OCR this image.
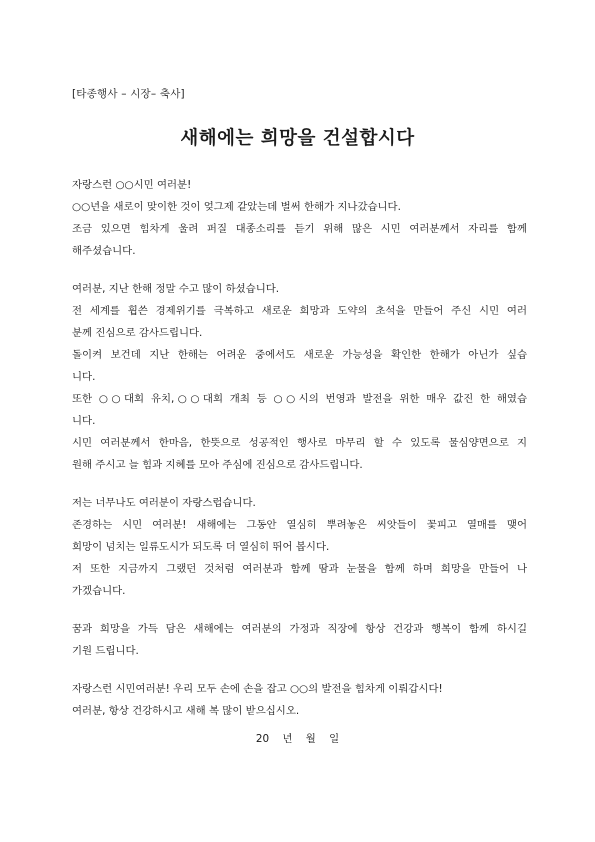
[타종행사 – 시장– 축사]
새해에는 희망을 건설합시다
자랑스런 ○○시민 여러분!
○○년을 새로이 맞이한 것이 엊그제 같았는데 벌써 한해가 지나갔습니다.
조금 있으면 힘차게 울려 퍼질 대종소리를 듣기 위해 많은 시민 여러분께서 자리를 함께
해주셨습니다.
여러분, 지난 한해 정말 수고 많이 하셨습니다.
전 세계를 휩쓴 경제위기를 극복하고 새로운 희망과 도약의 초석을 만들어 주신 시민 여러
분께 진심으로 감사드립니다.
돌이켜 보건데 지난 한해는 어려운 중에서도 새로운 가능성을 확인한 한해가 아닌가 싶습
니다.
또한 ○○대회 유치,○○대회 개최 등 ○○시의 번영과 발전을 위한 매우 값진 한 해였습
니다.
시민 여러분께서 한마음, 한뜻으로 성공적인 행사로 마무리 할 수 있도록 물심양면으로 지
원해 주시고 늘 힘과 지혜를 모아 주심에 진심으로 감사드립니다.
저는 너무나도 여러분이 자랑스럽습니다.
존경하는 시민 여러분! 새해에는 그동안 열심히 뿌려놓은 씨앗들이 꽃피고 열매를 맺어
희망이 넘치는 일류도시가 되도록 더 열심히 뛰어 봅시다.
저 또한 지금까지 그랬던 것처럼 여러분과 함께 땀과 눈물을 함께 하며 희망을 만들어 나
가겠습니다.
꿈과 희망을 가득 담은 새해에는 여러분의 가정과 직장에 항상 건강과 행복이 함께 하시길
기원 드립니다.
자랑스런 시민여러분! 우리 모두 손에 손을 잡고 ○○의 발전을 힘차게 이뤄갑시다!
여러분, 항상 건강하시고 새해 복 많이 받으십시오.
20 년 월 일
